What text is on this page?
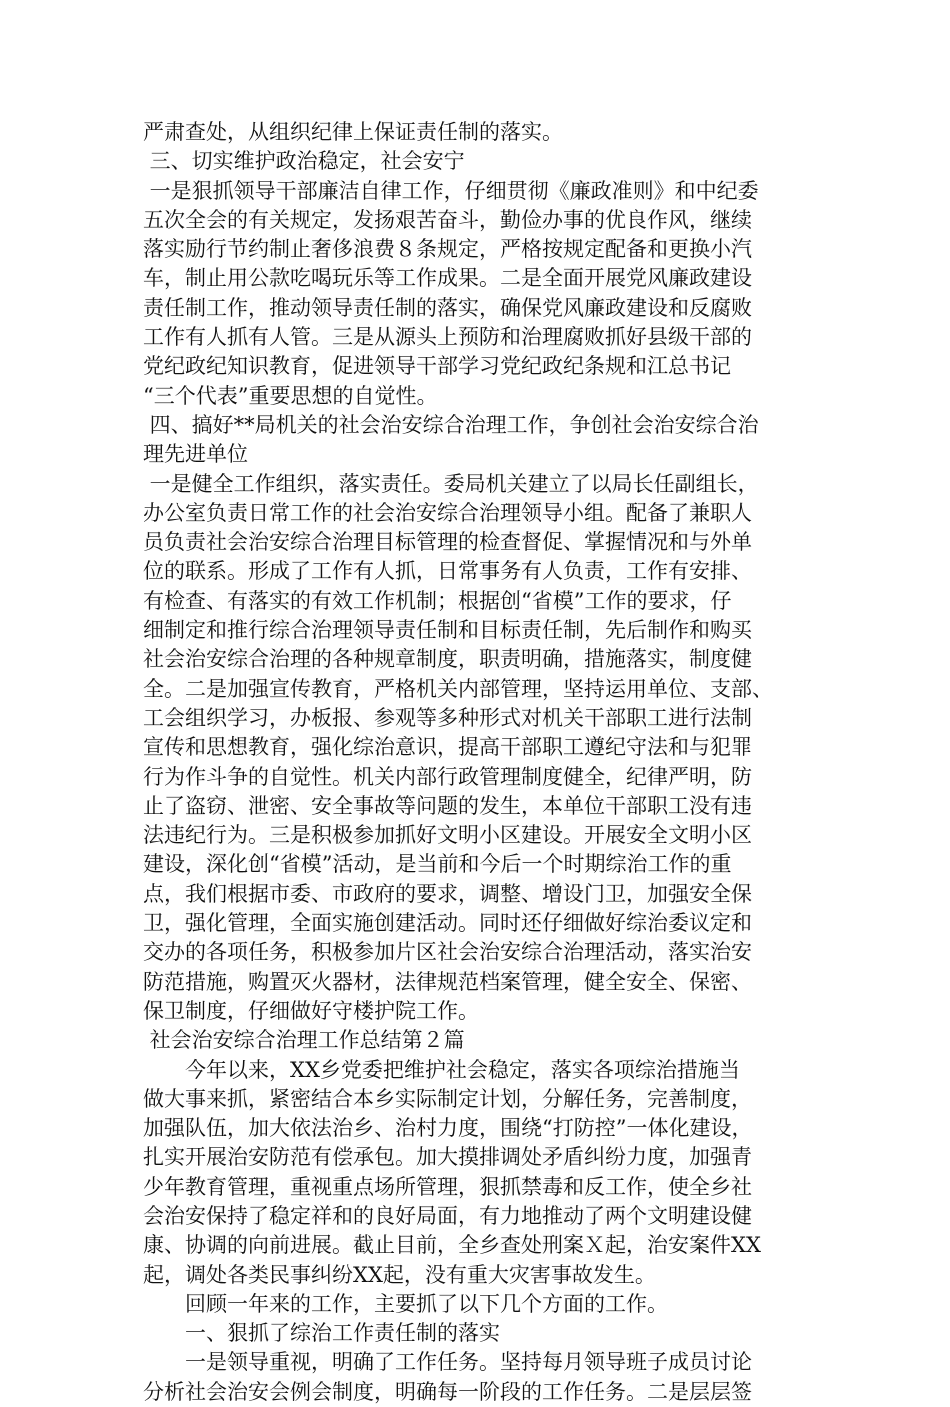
严肃查处，从组织纪律上保证责任制的落实。
三、切实维护政治稳定，社会安宁
一是狠抓领导干部廉洁自律工作，仔细贯彻《廉政准则》和中纪委
五次全会的有关规定，发扬艰苦奋斗，勤俭办事的优良作风，继续
落实励行节约制止奢侈浪费８条规定，严格按规定配备和更换小汽
车，制止用公款吃喝玩乐等工作成果。二是全面开展党风廉政建设
责任制工作，推动领导责任制的落实，确保党风廉政建设和反腐败
工作有人抓有人管。三是从源头上预防和治理腐败抓好县级干部的
党纪政纪知识教育，促进领导干部学习党纪政纪条规和江总书记
“三个代表”重要思想的自觉性。
四、搞好**局机关的社会治安综合治理工作，争创社会治安综合治
理先进单位
一是健全工作组织，落实责任。委局机关建立了以局长任副组长，
办公室负责日常工作的社会治安综合治理领导小组。配备了兼职人
员负责社会治安综合治理目标管理的检查督促、掌握情况和与外单
位的联系。形成了工作有人抓，日常事务有人负责，工作有安排、
有检查、有落实的有效工作机制；根据创“省模”工作的要求，仔
细制定和推行综合治理领导责任制和目标责任制，先后制作和购买
社会治安综合治理的各种规章制度，职责明确，措施落实，制度健
全。二是加强宣传教育，严格机关内部管理，坚持运用单位、支部、
工会组织学习，办板报、参观等多种形式对机关干部职工进行法制
宣传和思想教育，强化综治意识，提高干部职工遵纪守法和与犯罪
行为作斗争的自觉性。机关内部行政管理制度健全，纪律严明，防
止了盗窃、泄密、安全事故等问题的发生，本单位干部职工没有违
法违纪行为。三是积极参加抓好文明小区建设。开展安全文明小区
建设，深化创“省模”活动，是当前和今后一个时期综治工作的重
点，我们根据市委、市政府的要求，调整、增设门卫，加强安全保
卫，强化管理，全面实施创建活动。同时还仔细做好综治委议定和
交办的各项任务，积极参加片区社会治安综合治理活动，落实治安
防范措施，购置灭火器材，法律规范档案管理，健全安全、保密、
保卫制度，仔细做好守楼护院工作。
社会治安综合治理工作总结第２篇
　　今年以来，XX乡党委把维护社会稳定，落实各项综治措施当
做大事来抓，紧密结合本乡实际制定计划，分解任务，完善制度，
加强队伍，加大依法治乡、治村力度，围绕“打防控”一体化建设，
扎实开展治安防范有偿承包。加大摸排调处矛盾纠纷力度，加强青
少年教育管理，重视重点场所管理，狠抓禁毒和反工作，使全乡社
会治安保持了稳定祥和的良好局面，有力地推动了两个文明建设健
康、协调的向前进展。截止目前，全乡查处刑案Ｘ起，治安案件XX
起，调处各类民事纠纷XX起，没有重大灾害事故发生。
　　回顾一年来的工作，主要抓了以下几个方面的工作。
　　一、狠抓了综治工作责任制的落实
　　一是领导重视，明确了工作任务。坚持每月领导班子成员讨论
分析社会治安会例会制度，明确每一阶段的工作任务。二是层层签
